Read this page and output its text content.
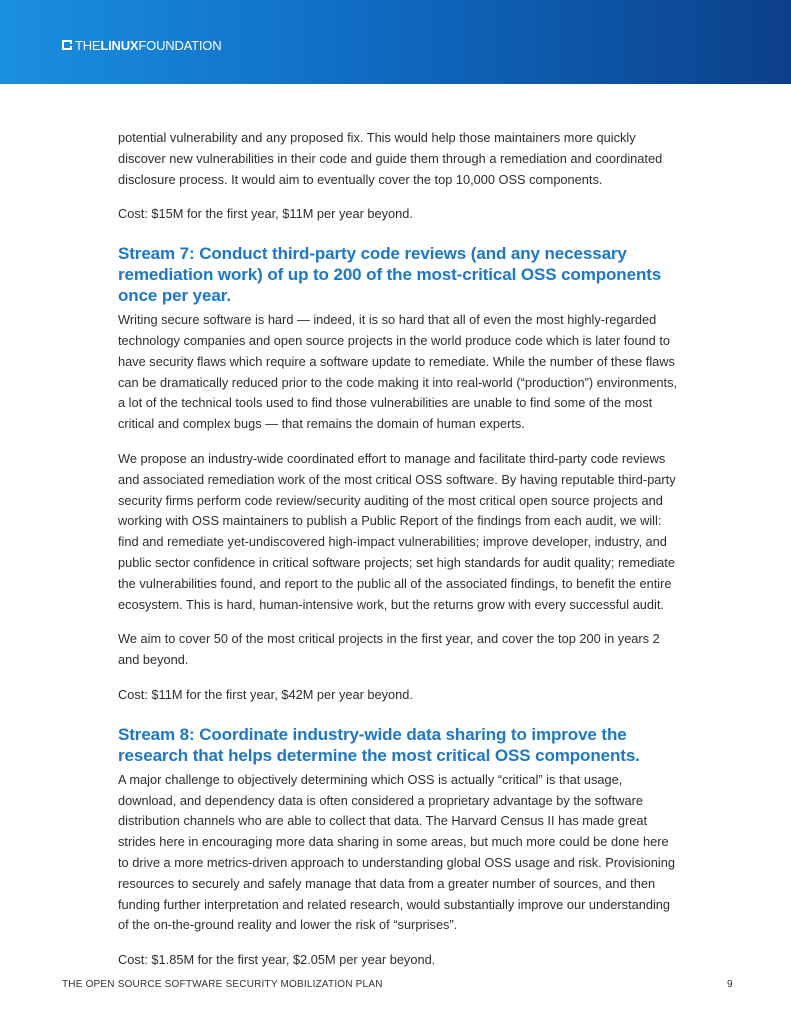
THE LINUX FOUNDATION

potential vulnerability and any proposed fix. This would help those maintainers more quickly discover new vulnerabilities in their code and guide them through a remediation and coordinated disclosure process. It would aim to eventually cover the top 10,000 OSS components.

Cost: $15M for the first year, $11M per year beyond.

Stream 7: Conduct third-party code reviews (and any necessary remediation work) of up to 200 of the most-critical OSS components once per year.

Writing secure software is hard — indeed, it is so hard that all of even the most highly-regarded technology companies and open source projects in the world produce code which is later found to have security flaws which require a software update to remediate. While the number of these flaws can be dramatically reduced prior to the code making it into real-world (“production”) environments, a lot of the technical tools used to find those vulnerabilities are unable to find some of the most critical and complex bugs — that remains the domain of human experts.

We propose an industry-wide coordinated effort to manage and facilitate third-party code reviews and associated remediation work of the most critical OSS software. By having reputable third-party security firms perform code review/security auditing of the most critical open source projects and working with OSS maintainers to publish a Public Report of the findings from each audit, we will: find and remediate yet-undiscovered high-impact vulnerabilities; improve developer, industry, and public sector confidence in critical software projects; set high standards for audit quality; remediate the vulnerabilities found, and report to the public all of the associated findings, to benefit the entire ecosystem. This is hard, human-intensive work, but the returns grow with every successful audit.

We aim to cover 50 of the most critical projects in the first year, and cover the top 200 in years 2 and beyond.

Cost: $11M for the first year, $42M per year beyond.

Stream 8: Coordinate industry-wide data sharing to improve the research that helps determine the most critical OSS components.

A major challenge to objectively determining which OSS is actually “critical” is that usage, download, and dependency data is often considered a proprietary advantage by the software distribution channels who are able to collect that data. The Harvard Census II has made great strides here in encouraging more data sharing in some areas, but much more could be done here to drive a more metrics-driven approach to understanding global OSS usage and risk. Provisioning resources to securely and safely manage that data from a greater number of sources, and then funding further interpretation and related research, would substantially improve our understanding of the on-the-ground reality and lower the risk of “surprises”.

Cost: $1.85M for the first year, $2.05M per year beyond.

THE OPEN SOURCE SOFTWARE SECURITY MOBILIZATION PLAN	9
